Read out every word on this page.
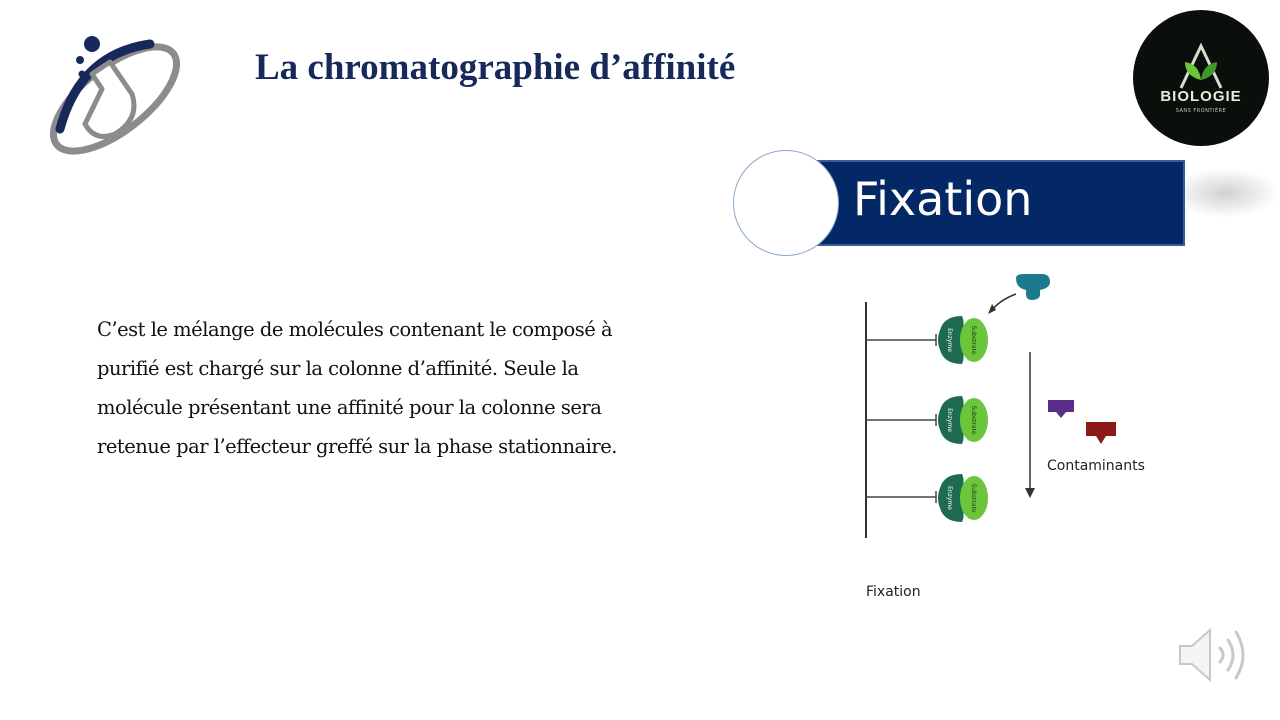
La chromatographie d’affinité
BIOLOGIE
SANS FRONTIÈRE
Fixation

C’est le mélange de molécules contenant le composé à

purifié est chargé sur la colonne d’affinité. Seule la

molécule présentant une affinité pour la colonne sera

retenue par l’effecteur greffé sur la phase stationnaire.

Enzyme	Substrate
Enzyme	Substrate
Enzyme	Substrate
Contaminants
Fixation
